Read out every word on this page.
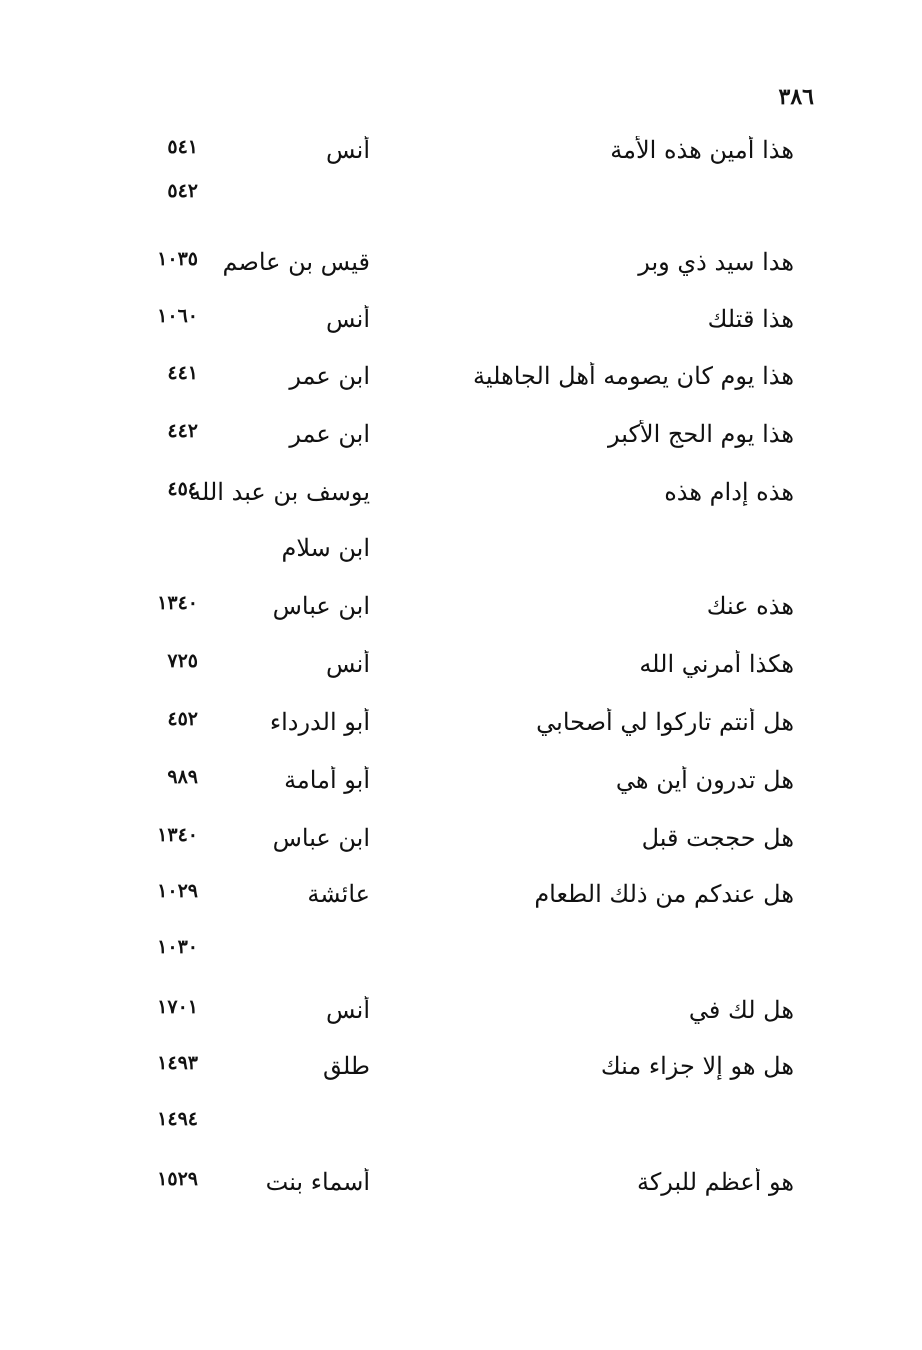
٣٨٦
هذا أمين هذه الأمة
أنس
٥٤١
٥٤٢
هدا سيد ذي وبر
قيس بن عاصم
١٠٣٥
هذا قتلك
أنس
١٠٦٠
هذا يوم كان يصومه أهل الجاهلية
ابن عمر
٤٤١
هذا يوم الحج الأكبر
ابن عمر
٤٤٢
هذه إدام هذه
يوسف بن عبد الله
٤٥٤
ابن سلام
هذه عنك
ابن عباس
١٣٤٠
هكذا أمرني الله
أنس
٧٢٥
هل أنتم تاركوا لي أصحابي
أبو الدرداء
٤٥٢
هل تدرون أين هي
أبو أمامة
٩٨٩
هل حججت قبل
ابن عباس
١٣٤٠
هل عندكم من ذلك الطعام
عائشة
١٠٢٩
١٠٣٠
هل لك في
أنس
١٧٠١
هل هو إلا جزاء منك
طلق
١٤٩٣
١٤٩٤
هو أعظم للبركة
أسماء بنت
١٥٢٩
